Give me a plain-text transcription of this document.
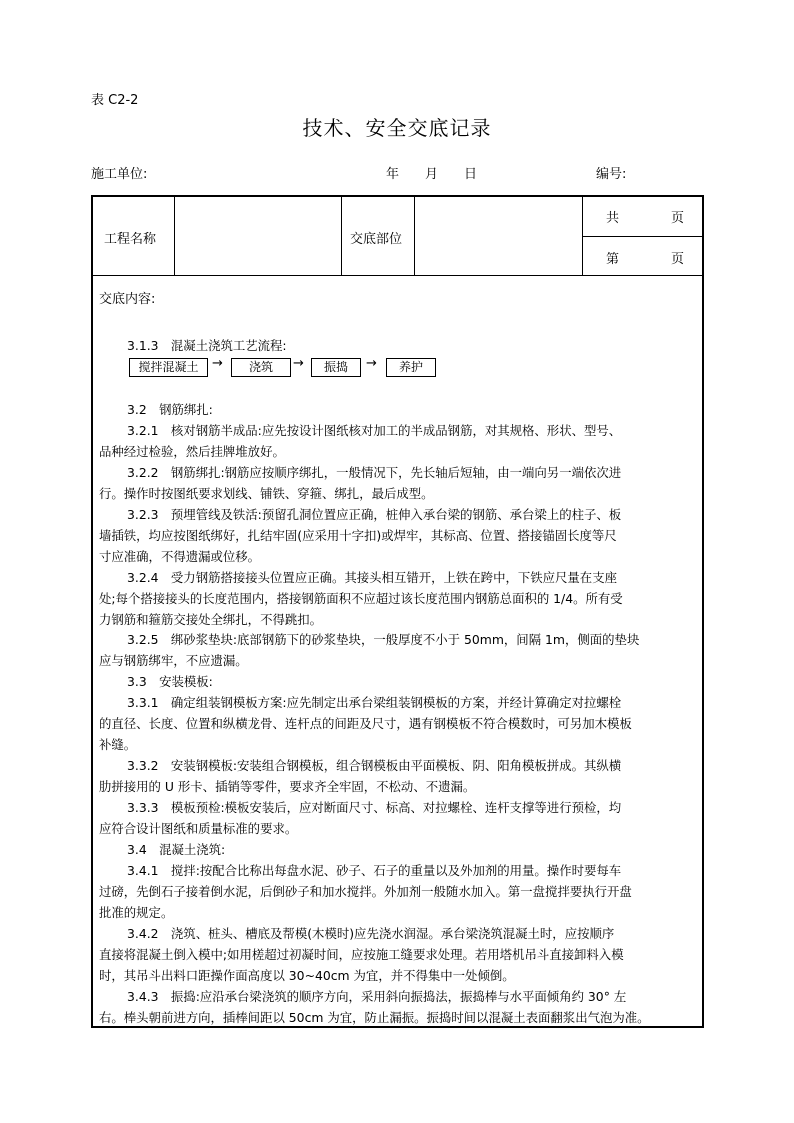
表 C2-2
技术、安全交底记录
施工单位:	年　　月　　日	编号:
工程名称	交底部位
共　　　　页
第　　　　页
交底内容:
3.1.3　混凝土浇筑工艺流程:
搅拌混凝土	→	浇筑	→	振捣	→	养护
3.2　钢筋绑扎:
3.2.1　核对钢筋半成品:应先按设计图纸核对加工的半成品钢筋，对其规格、形状、型号、
品种经过检验，然后挂牌堆放好。
3.2.2　钢筋绑扎:钢筋应按顺序绑扎，一般情况下，先长轴后短轴，由一端向另一端依次进
行。操作时按图纸要求划线、铺铁、穿箍、绑扎，最后成型。
3.2.3　预埋管线及铁活:预留孔洞位置应正确，桩伸入承台梁的钢筋、承台梁上的柱子、板
墙插铁，均应按图纸绑好，扎结牢固(应采用十字扣)或焊牢，其标高、位置、搭接锚固长度等尺
寸应准确，不得遗漏或位移。
3.2.4　受力钢筋搭接接头位置应正确。其接头相互错开，上铁在跨中，下铁应尺量在支座
处;每个搭接接头的长度范围内，搭接钢筋面积不应超过该长度范围内钢筋总面积的 1/4。所有受
力钢筋和箍筋交接处全绑扎，不得跳扣。
3.2.5　绑砂浆垫块:底部钢筋下的砂浆垫块，一般厚度不小于 50mm，间隔 1m，侧面的垫块
应与钢筋绑牢，不应遗漏。
3.3　安装模板:
3.3.1　确定组装钢模板方案:应先制定出承台梁组装钢模板的方案，并经计算确定对拉螺栓
的直径、长度、位置和纵横龙骨、连杆点的间距及尺寸，遇有钢模板不符合模数时，可另加木模板
补缝。
3.3.2　安装钢模板:安装组合钢模板，组合钢模板由平面模板、阴、阳角模板拼成。其纵横
肋拼接用的 U 形卡、插销等零件，要求齐全牢固，不松动、不遗漏。
3.3.3　模板预检:模板安装后，应对断面尺寸、标高、对拉螺栓、连杆支撑等进行预检，均
应符合设计图纸和质量标准的要求。
3.4　混凝土浇筑:
3.4.1　搅拌:按配合比称出每盘水泥、砂子、石子的重量以及外加剂的用量。操作时要每车
过磅，先倒石子接着倒水泥，后倒砂子和加水搅拌。外加剂一般随水加入。第一盘搅拌要执行开盘
批准的规定。
3.4.2　浇筑、桩头、槽底及帮模(木模时)应先浇水润湿。承台梁浇筑混凝土时，应按顺序
直接将混凝土倒入模中;如用槎超过初凝时间，应按施工缝要求处理。若用塔机吊斗直接卸料入模
时，其吊斗出料口距操作面高度以 30~40cm 为宜，并不得集中一处倾倒。
3.4.3　振捣:应沿承台梁浇筑的顺序方向，采用斜向振捣法，振捣棒与水平面倾角约 30° 左
右。棒头朝前进方向，插棒间距以 50cm 为宜，防止漏振。振捣时间以混凝土表面翻浆出气泡为准。
